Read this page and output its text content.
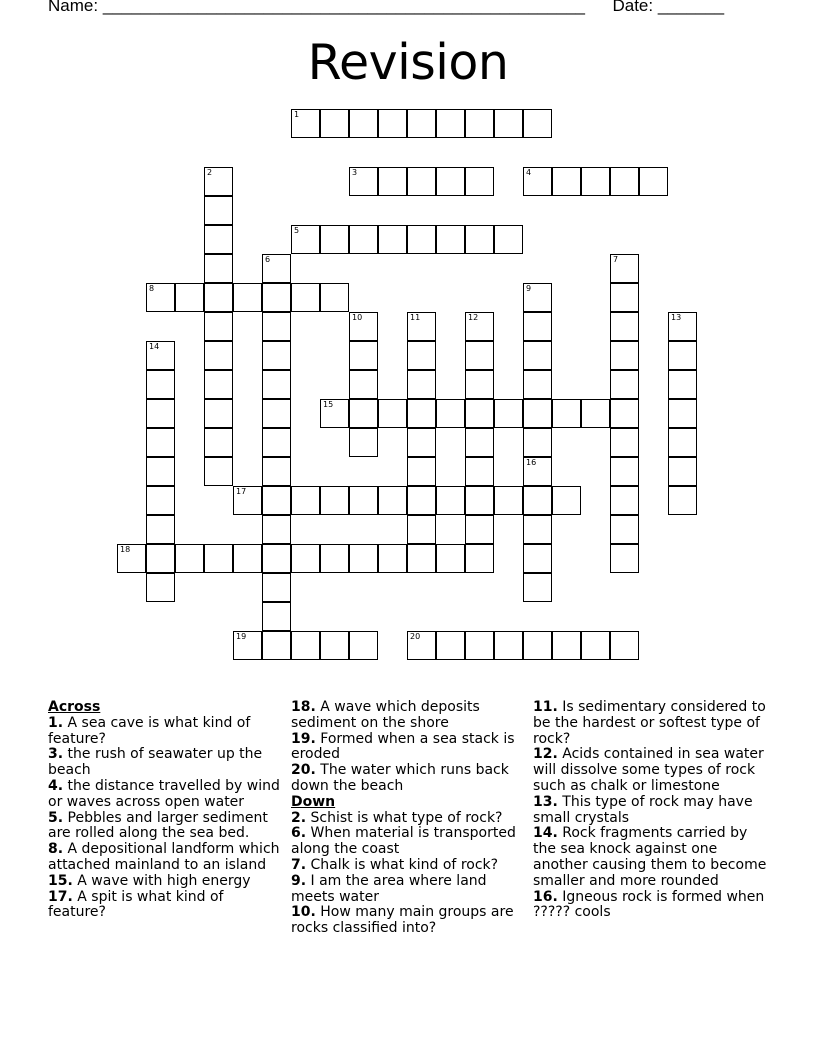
Name: ___________________________________________________ Date: _______
Revision
1
2	3	4
5
6	7
8	9
10	11	12	13
14
15
16
17
18
19	20
Across
1. A sea cave is what kind of feature?
3. the rush of seawater up the beach
4. the distance travelled by wind or waves across open water
5. Pebbles and larger sediment are rolled along the sea bed.
8. A depositional landform which attached mainland to an island
15. A wave with high energy
17. A spit is what kind of feature?
18. A wave which deposits sediment on the shore
19. Formed when a sea stack is eroded
20. The water which runs back down the beach
Down
2. Schist is what type of rock?
6. When material is transported along the coast
7. Chalk is what kind of rock?
9. I am the area where land meets water
10. How many main groups are rocks classified into?
11. Is sedimentary considered to be the hardest or softest type of rock?
12. Acids contained in sea water will dissolve some types of rock such as chalk or limestone
13. This type of rock may have small crystals
14. Rock fragments carried by the sea knock against one another causing them to become smaller and more rounded
16. Igneous rock is formed when ????? cools
